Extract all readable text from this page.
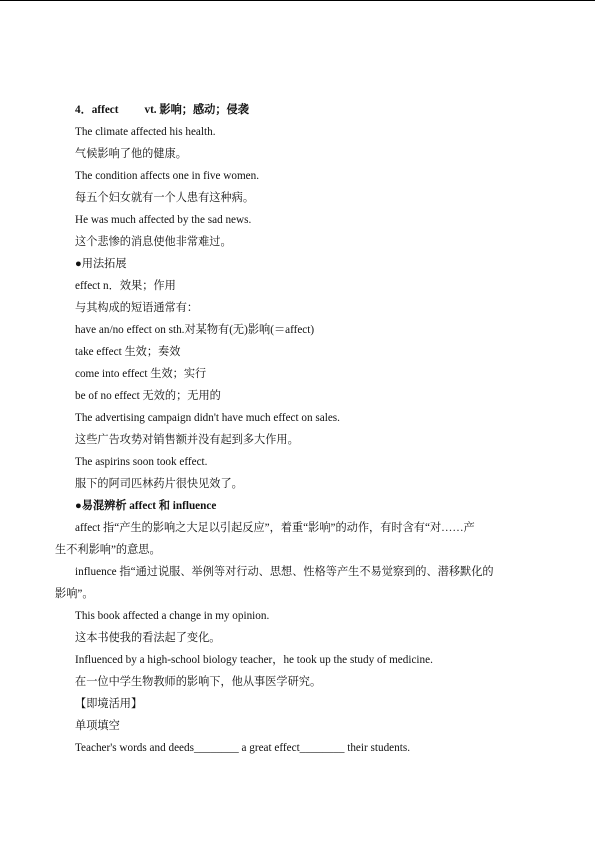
4．affect vt. 影响；感动；侵袭
The climate affected his health.
气候影响了他的健康。
The condition affects one in five women.
每五个妇女就有一个人患有这种病。
He was much affected by the sad news.
这个悲惨的消息使他非常难过。
●用法拓展
effect n．效果；作用
与其构成的短语通常有：
have an/no effect on sth.对某物有(无)影响(＝affect)
take effect 生效；奏效
come into effect 生效；实行
be of no effect 无效的；无用的
The advertising campaign didn't have much effect on sales.
这些广告攻势对销售额并没有起到多大作用。
The aspirins soon took effect.
服下的阿司匹林药片很快见效了。
●易混辨析 affect 和 influence
affect 指“产生的影响之大足以引起反应”，着重“影响”的动作，有时含有“对……产
生不利影响”的意思。
influence 指“通过说服、举例等对行动、思想、性格等产生不易觉察到的、潜移默化的
影响”。
This book affected a change in my opinion.
这本书使我的看法起了变化。
Influenced by a high-school biology teacher，he took up the study of medicine.
在一位中学生物教师的影响下，他从事医学研究。
【即境活用】
单项填空
Teacher's words and deeds________ a great effect________ their students.
